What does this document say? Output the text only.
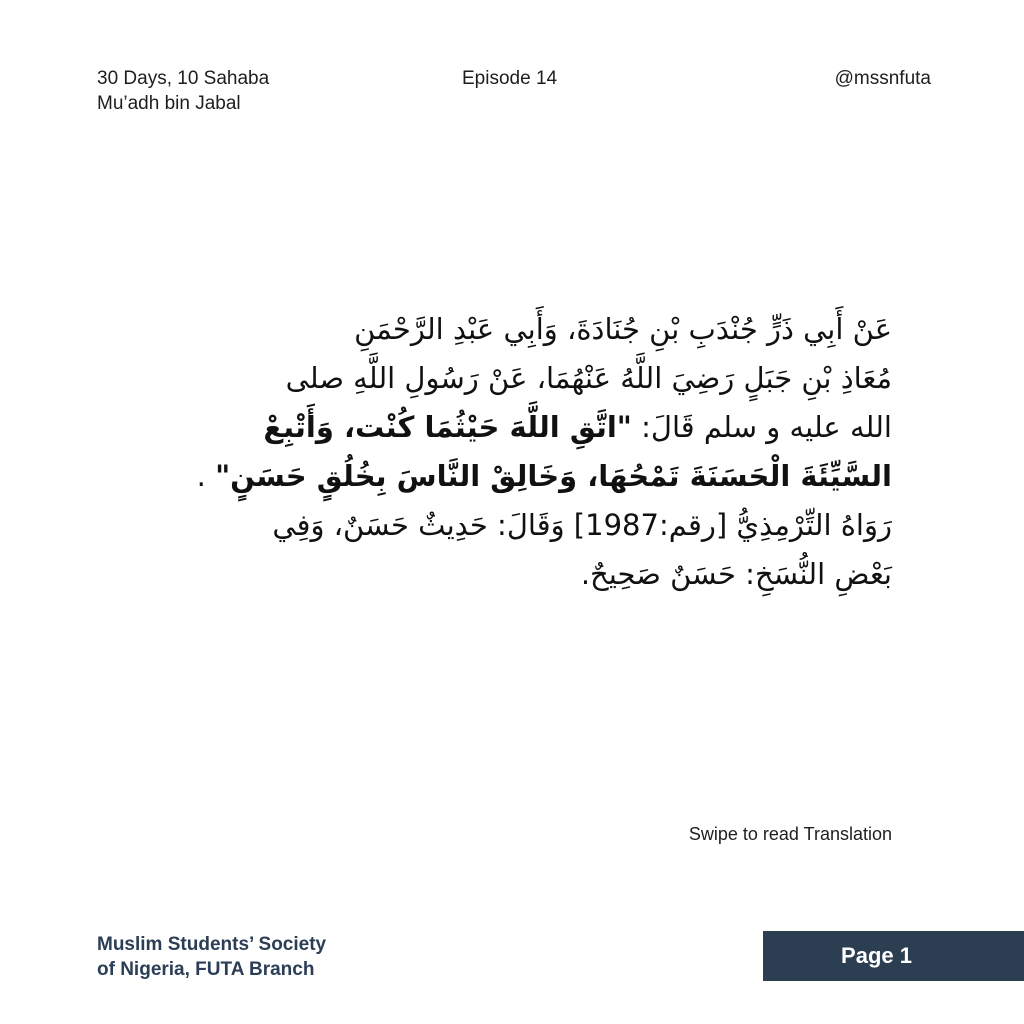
30 Days, 10 Sahaba
Mu’adh bin Jabal
Episode 14	@mssnfuta
عَنْ أَبِي ذَرٍّ جُنْدَبِ بْنِ جُنَادَةَ، وَأَبِي عَبْدِ الرَّحْمَنِ
مُعَاذِ بْنِ جَبَلٍ رَضِيَ اللَّهُ عَنْهُمَا، عَنْ رَسُولِ اللَّهِ صلى
الله عليه و سلم قَالَ: "اتَّقِ اللَّهَ حَيْثُمَا كُنْت، وَأَتْبِعْ
السَّيِّئَةَ الْحَسَنَةَ تَمْحُهَا، وَخَالِقْ النَّاسَ بِخُلُقٍ حَسَنٍ" .
رَوَاهُ التِّرْمِذِيُّ [رقم:1987] وَقَالَ: حَدِيثٌ حَسَنٌ، وَفِي
بَعْضِ النُّسَخِ: حَسَنٌ صَحِيحٌ.
Swipe to read Translation
Muslim Students’ Society
of Nigeria, FUTA Branch
Page 1
